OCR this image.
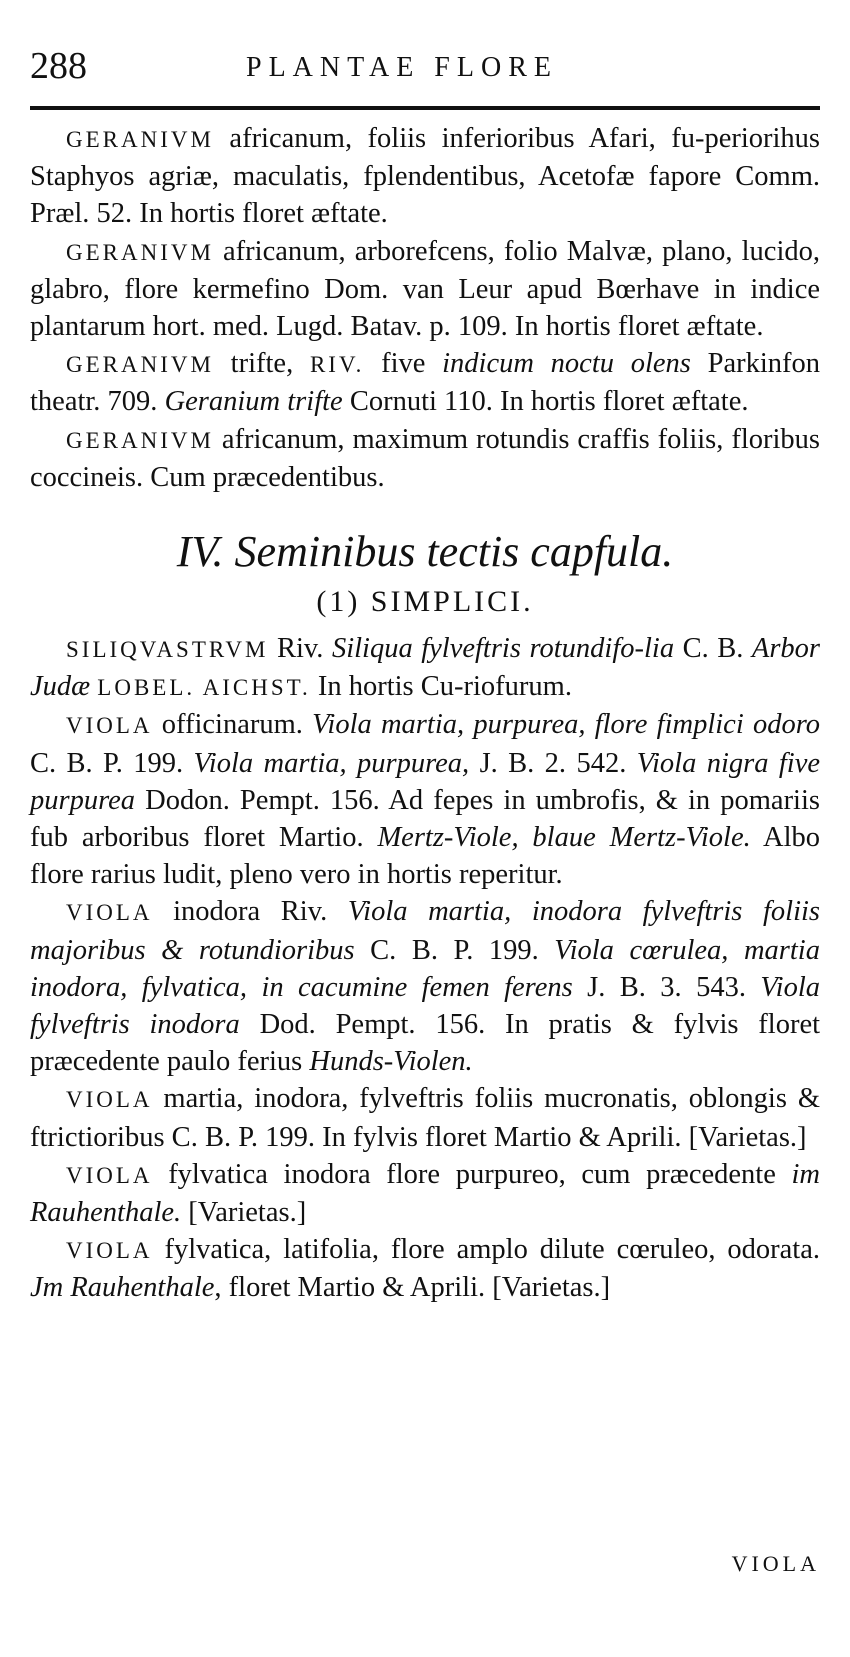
288	PLANTAE FLORE

GERANIVM africanum, foliis inferioribus Afari, fu-periorihus Staphyos agriæ, maculatis, fplendentibus, Acetofæ fapore Comm. Præl. 52. In hortis floret æftate.

GERANIVM africanum, arborefcens, folio Malvæ, plano, lucido, glabro, flore kermefino Dom. van Leur apud Bœrhave in indice plantarum hort. med. Lugd. Batav. p. 109. In hortis floret æftate.

GERANIVM trifte, RIV. five indicum noctu olens Parkinfon theatr. 709. Geranium trifte Cornuti 110. In hortis floret æftate.

GERANIVM africanum, maximum rotundis craffis foliis, floribus coccineis. Cum præcedentibus.

IV. Seminibus tectis capfula.
(1) SIMPLICI.

SILIQVASTRVM Riv. Siliqua fylveftris rotundifo-lia C. B. Arbor Judæ LOBEL. AICHST. In hortis Cu-riofurum.

VIOLA officinarum. Viola martia, purpurea, flore fimplici odoro C. B. P. 199. Viola martia, purpurea, J. B. 2. 542. Viola nigra five purpurea Dodon. Pempt. 156. Ad fepes in umbrofis, & in pomariis fub arboribus floret Martio. Mertz-Viole, blaue Mertz-Viole. Albo flore rarius ludit, pleno vero in hortis reperitur.

VIOLA inodora Riv. Viola martia, inodora fylveftris foliis majoribus & rotundioribus C. B. P. 199. Viola cœrulea, martia inodora, fylvatica, in cacumine femen ferens J. B. 3. 543. Viola fylveftris inodora Dod. Pempt. 156. In pratis & fylvis floret præcedente paulo ferius Hunds-Violen.

VIOLA martia, inodora, fylveftris foliis mucronatis, oblongis & ftrictioribus C. B. P. 199. In fylvis floret Martio & Aprili. [Varietas.]

VIOLA fylvatica inodora flore purpureo, cum præcedente im Rauhenthale. [Varietas.]

VIOLA fylvatica, latifolia, flore amplo dilute cœruleo, odorata. Jm Rauhenthale, floret Martio & Aprili. [Varietas.]

VIOLA
